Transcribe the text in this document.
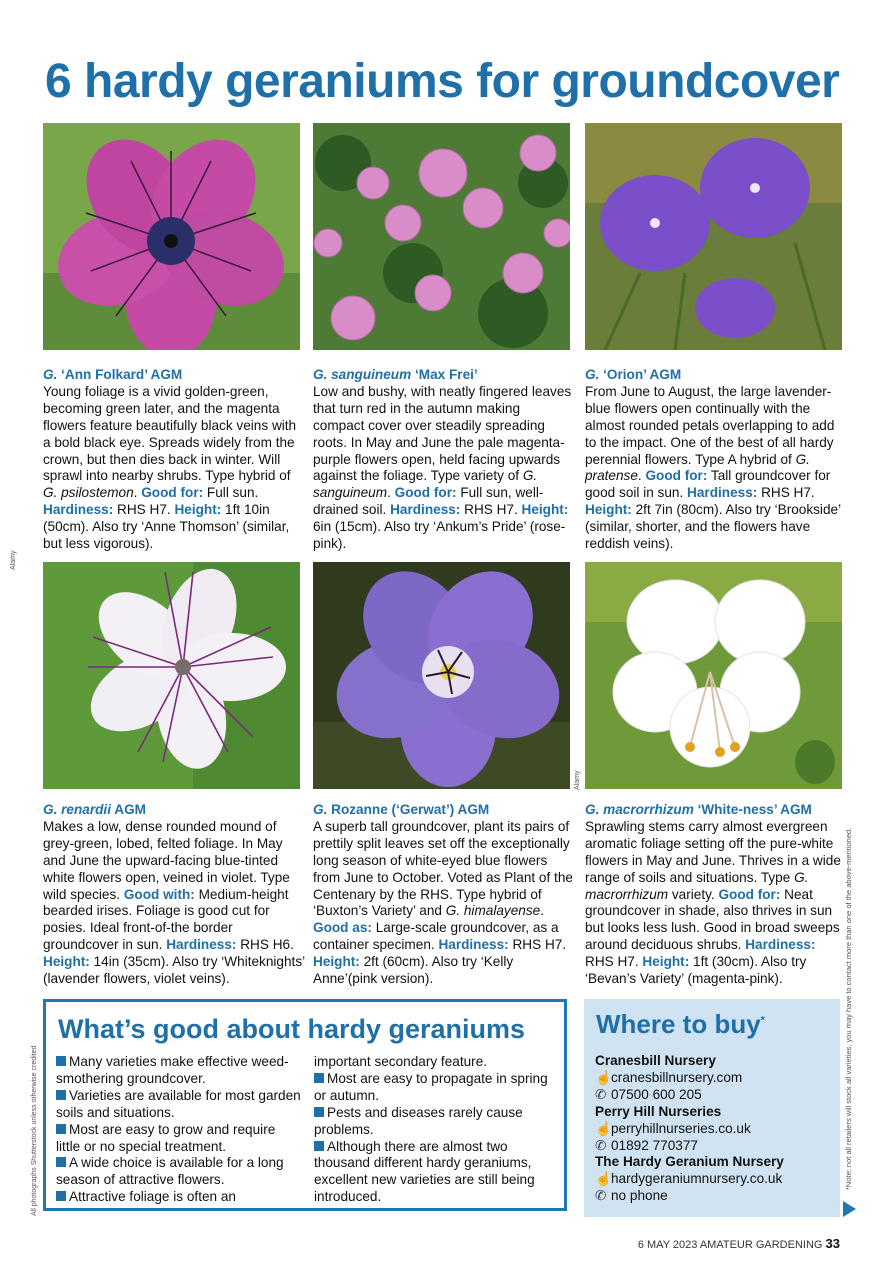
6 hardy geraniums for groundcover

G. ‘Ann Folkard’ AGM
Young foliage is a vivid golden-green, becoming green later, and the magenta flowers feature beautifully black veins with a bold black eye. Spreads widely from the crown, but then dies back in winter. Will sprawl into nearby shrubs. Type hybrid of G. psilostemon. Good for: Full sun. Hardiness: RHS H7. Height: 1ft 10in (50cm). Also try ‘Anne Thomson’ (similar, but less vigorous).

G. sanguineum ‘Max Frei’
Low and bushy, with neatly fingered leaves that turn red in the autumn making compact cover over steadily spreading roots. In May and June the pale magenta-purple flowers open, held facing upwards against the foliage. Type variety of G. sanguineum. Good for: Full sun, well-drained soil. Hardiness: RHS H7. Height: 6in (15cm). Also try ‘Ankum’s Pride’ (rose-pink).

G. ‘Orion’ AGM
From June to August, the large lavender-blue flowers open continually with the almost rounded petals overlapping to add to the impact. One of the best of all hardy perennial flowers. Type A hybrid of G. pratense. Good for: Tall groundcover for good soil in sun. Hardiness: RHS H7. Height: 2ft 7in (80cm). Also try ‘Brookside’ (similar, shorter, and the flowers have reddish veins).

G. renardii AGM
Makes a low, dense rounded mound of grey-green, lobed, felted foliage. In May and June the upward-facing blue-tinted white flowers open, veined in violet. Type wild species. Good with: Medium-height bearded irises. Foliage is good cut for posies. Ideal front-of-the border groundcover in sun. Hardiness: RHS H6. Height: 14in (35cm). Also try ‘Whiteknights’ (lavender flowers, violet veins).

G. Rozanne (‘Gerwat’) AGM
A superb tall groundcover, plant its pairs of prettily split leaves set off the exceptionally long season of white-eyed blue flowers from June to October. Voted as Plant of the Centenary by the RHS. Type hybrid of ‘Buxton’s Variety’ and G. himalayense. Good as: Large-scale groundcover, as a container specimen. Hardiness: RHS H7. Height: 2ft (60cm). Also try ‘Kelly Anne’(pink version).

G. macrorrhizum ‘White-ness’ AGM
Sprawling stems carry almost evergreen aromatic foliage setting off the pure-white flowers in May and June. Thrives in a wide range of soils and situations. Type G. macrorrhizum variety. Good for: Neat groundcover in shade, also thrives in sun but looks less lush. Good in broad sweeps around deciduous shrubs. Hardiness: RHS H7. Height: 1ft (30cm). Also try ‘Bevan’s Variety’ (magenta-pink).

Alamy
Alamy
All photographs Shutterstock unless otherwise credited	*Note: not all retailers will stock all varieties, you may have to contact more than one of the above-mentioned.
What’s good about hardy geraniums
Many varieties make effective weed-smothering groundcover.
Varieties are available for most garden soils and situations.
Most are easy to grow and require little or no special treatment.
A wide choice is available for a long season of attractive flowers.
Attractive foliage is often an
important secondary feature.
Most are easy to propagate in spring or autumn.
Pests and diseases rarely cause problems.
Although there are almost two thousand different hardy geraniums, excellent new varieties are still being introduced.
Where to buy*
Cranesbill Nursery
☝cranesbillnursery.com
✆ 07500 600 205
Perry Hill Nurseries
☝perryhillnurseries.co.uk
✆ 01892 770377
The Hardy Geranium Nursery
☝hardygeraniumnursery.co.uk
✆ no phone
6 MAY 2023 AMATEUR GARDENING 33
